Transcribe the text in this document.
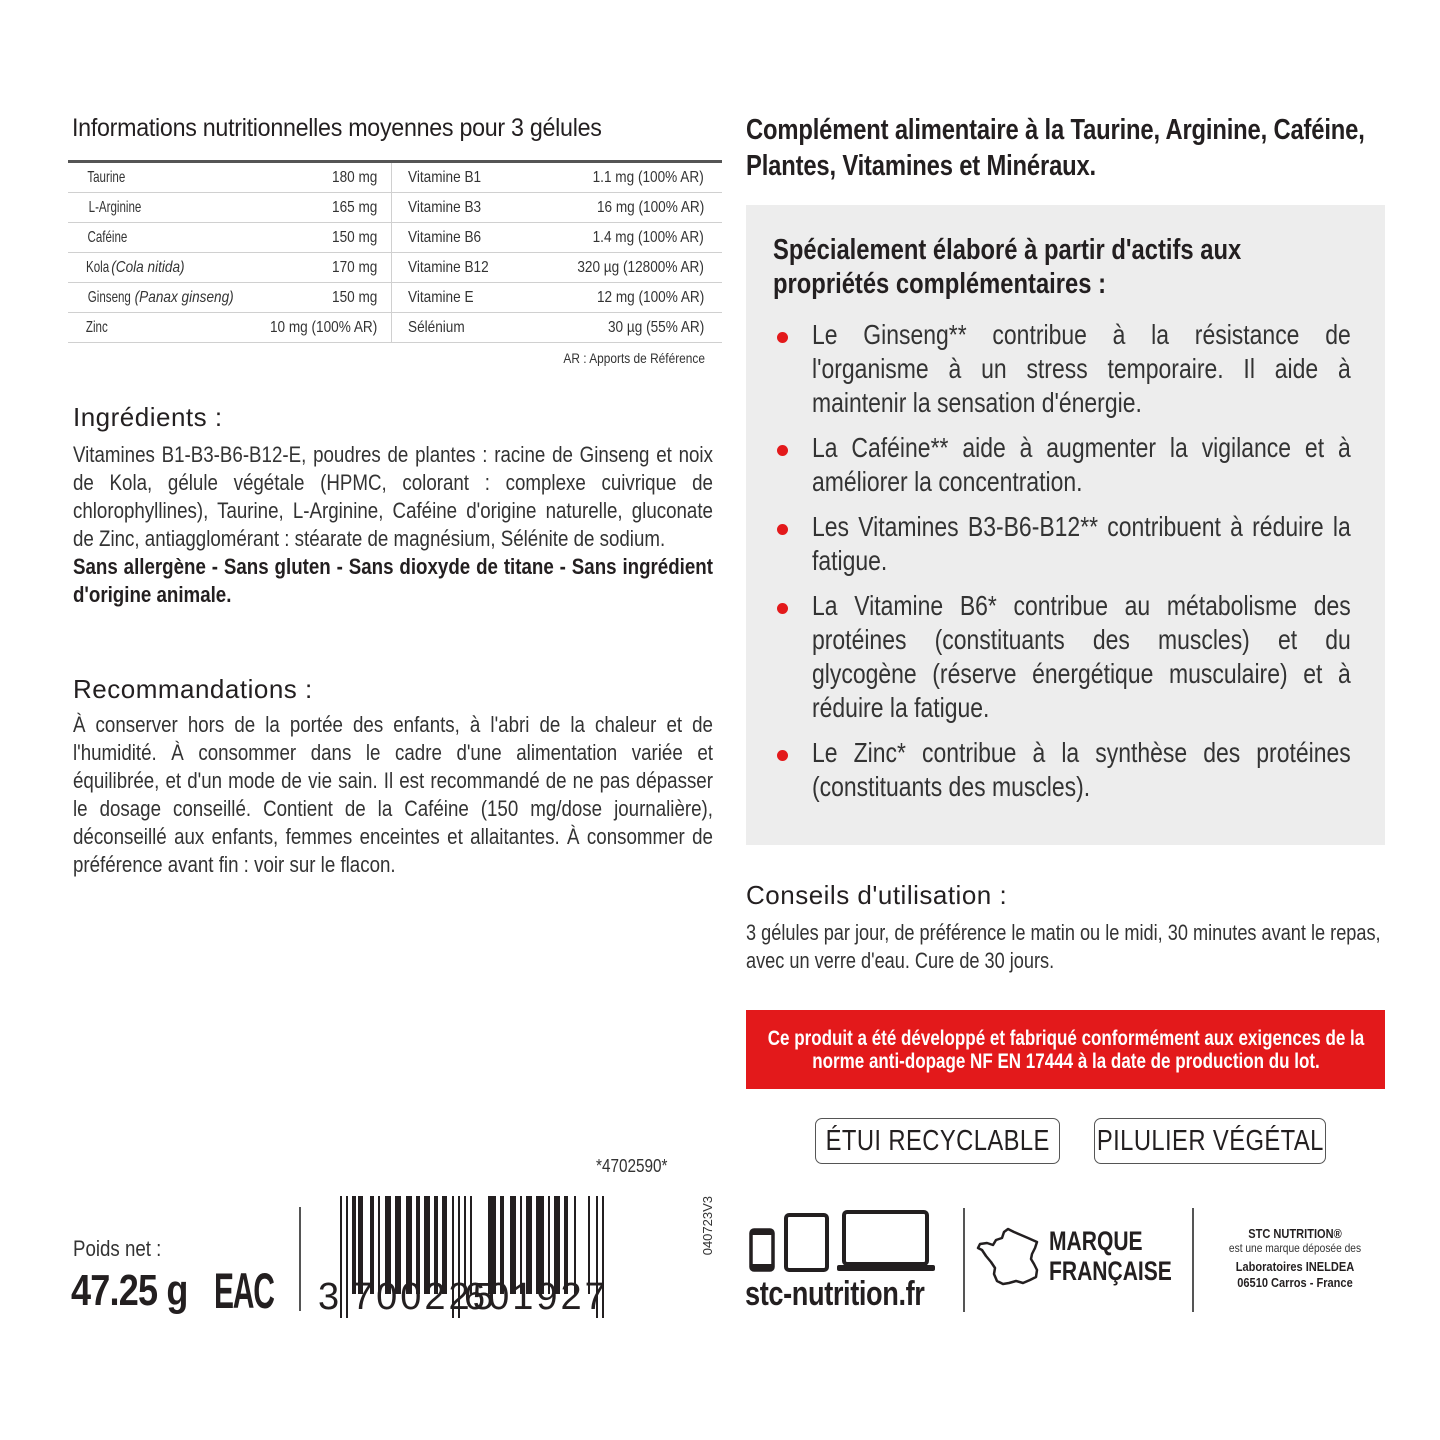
Informations nutritionnelles moyennes pour 3 gélules
Taurine	180 mg Vitamine B1	1.1 mg (100% AR)
L-Arginine	165 mg Vitamine B3	16 mg (100% AR)
Caféine	150 mg Vitamine B6	1.4 mg (100% AR)
Kola(Cola nitida)	170 mg Vitamine B12	320 µg (12800% AR)
Ginseng(Panax ginseng)	150 mg Vitamine E	12 mg (100% AR)
Zinc	10 mg (100% AR) Sélénium	30 µg (55% AR)
AR : Apports de Référence
Ingrédients :
Vitamines B1-B3-B6-B12-E, poudres de plantes : racine de Ginseng et noix de Kola, gélule végétale (HPMC, colorant : complexe cuivrique de chlorophyllines), Taurine, L-Arginine, Caféine d'origine naturelle, gluconate de Zinc, antiagglomérant : stéarate de magnésium, Sélénite de sodium.
Sans allergène - Sans gluten - Sans dioxyde de titane - Sans ingrédient d'origine animale.
Recommandations :
À conserver hors de la portée des enfants, à l'abri de la chaleur et de l'humidité. À consommer dans le cadre d'une alimentation variée et équilibrée, et d'un mode de vie sain. Il est recommandé de ne pas dépasser le dosage conseillé. Contient de la Caféine (150 mg/dose journalière), déconseillé aux enfants, femmes enceintes et allaitantes. À consommer de préférence avant fin : voir sur le flacon.
*4702590*
Poids net :
47.25 g EAC 3 700225
601927
040723V3
Complément alimentaire à la Taurine, Arginine, Caféine, Plantes, Vitamines et Minéraux.
Spécialement élaboré à partir d'actifs aux propriétés complémentaires :
Le Ginseng** contribue à la résistance de l'organisme à un stress temporaire. Il aide à maintenir la sensation d'énergie.
La Caféine** aide à augmenter la vigilance et à améliorer la concentration.
Les Vitamines B3-B6-B12** contribuent à réduire la fatigue.
La Vitamine B6* contribue au métabolisme des protéines (constituants des muscles) et du glycogène (réserve énergétique musculaire) et à réduire la fatigue.
Le Zinc* contribue à la synthèse des protéines (constituants des muscles).
Conseils d'utilisation :
3 gélules par jour, de préférence le matin ou le midi, 30 minutes avant le repas, avec un verre d'eau. Cure de 30 jours.
Ce produit a été développé et fabriqué conformément aux exigences de la norme anti-dopage NF EN 17444 à la date de production du lot.
ÉTUI RECYCLABLE PILULIER VÉGÉTAL
stc-nutrition.fr
MARQUE
FRANÇAISE
STC NUTRITION®
est une marque déposée des
Laboratoires INELDEA
06510 Carros - France
